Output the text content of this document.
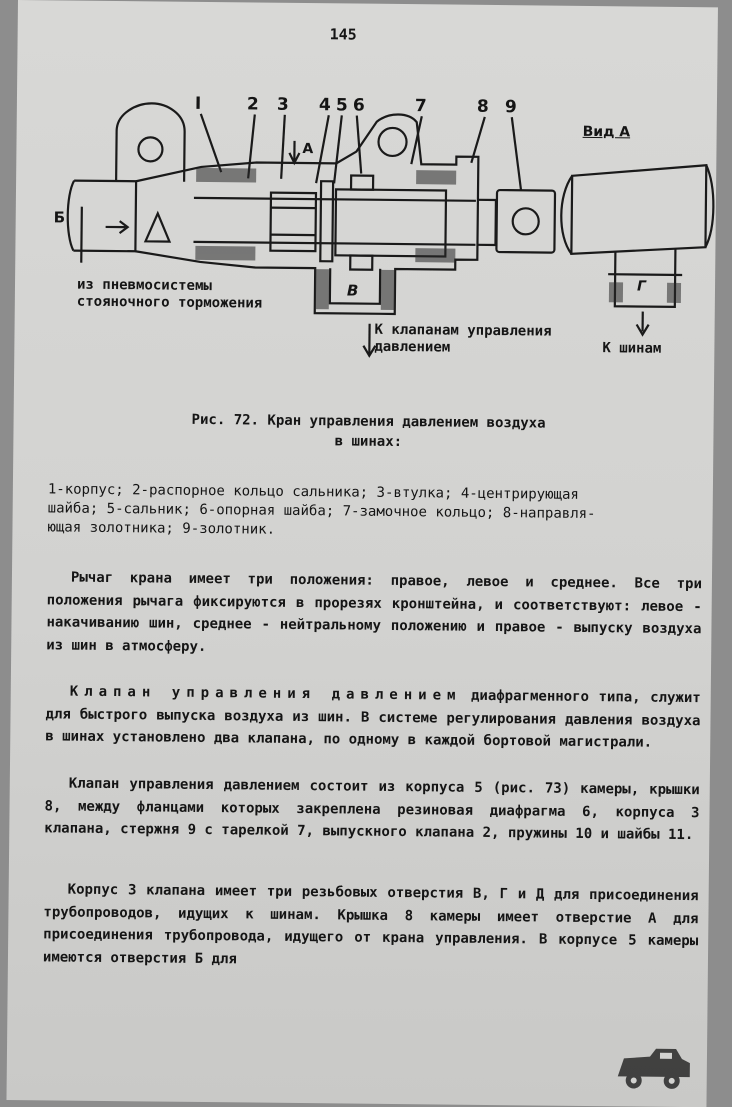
145
I	2 3 4 5 6	7	8 9
А
Б
В	Г
Вид А
из пневмосистемы
стояночного торможения
К клапанам управления
давлением	К шинам
Рис. 72. Кран управления давлением воздуха
в шинах:
1-корпус; 2-распорное кольцо сальника; 3-втулка; 4-центрирующая
шайба; 5-сальник; 6-опорная шайба; 7-замочное кольцо; 8-направля-
ющая золотника; 9-золотник.
Рычаг крана имеет три положения: правое, левое и среднее. Все три положения рычага фиксируются в прорезях кронштейна, и соответствуют: левое - накачиванию шин, среднее - нейтральному положению и правое - выпуску воздуха из шин в атмосферу.
Клапан управления давлением диафрагменного типа, служит для быстрого выпуска воздуха из шин. В системе регулирования давления воздуха в шинах установлено два клапана, по одному в каждой бортовой магистрали.
Клапан управления давлением состоит из корпуса 5 (рис. 73) камеры, крышки 8, между фланцами которых закреплена резиновая диафрагма 6, корпуса 3 клапана, стержня 9 с тарелкой 7, выпускного клапана 2, пружины 10 и шайбы 11.
Корпус 3 клапана имеет три резьбовых отверстия В, Г и Д для присоединения трубопроводов, идущих к шинам. Крышка 8 камеры имеет отверстие А для присоединения трубопровода, идущего от крана управления. В корпусе 5 камеры имеются отверстия Б для
